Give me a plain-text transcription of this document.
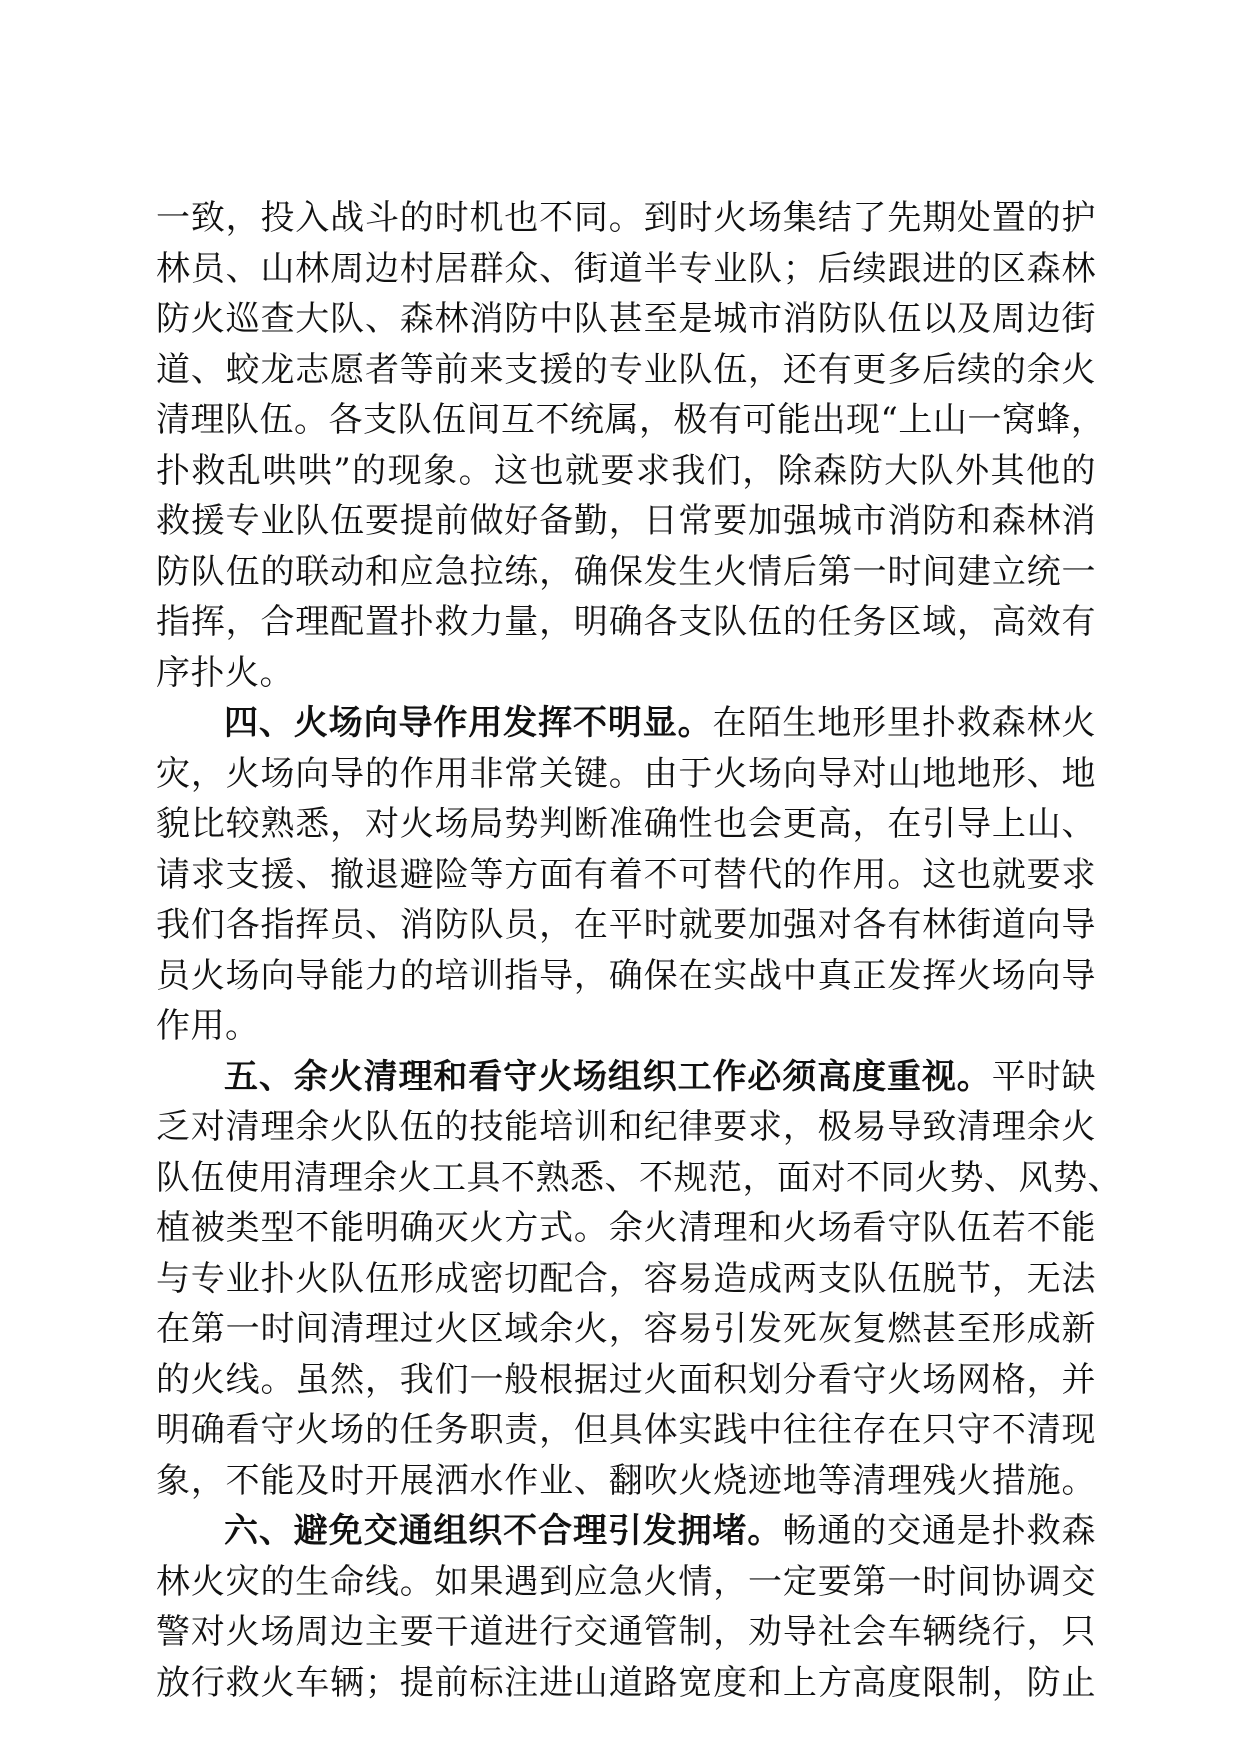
一致，投入战斗的时机也不同。到时火场集结了先期处置的护
林员、山林周边村居群众、街道半专业队；后续跟进的区森林
防火巡查大队、森林消防中队甚至是城市消防队伍以及周边街
道、蛟龙志愿者等前来支援的专业队伍，还有更多后续的余火
清理队伍。各支队伍间互不统属，极有可能出现“上山一窝蜂，
扑救乱哄哄”的现象。这也就要求我们，除森防大队外其他的
救援专业队伍要提前做好备勤，日常要加强城市消防和森林消
防队伍的联动和应急拉练，确保发生火情后第一时间建立统一
指挥，合理配置扑救力量，明确各支队伍的任务区域，高效有
序扑火。
四、火场向导作用发挥不明显。在陌生地形里扑救森林火
灾，火场向导的作用非常关键。由于火场向导对山地地形、地
貌比较熟悉，对火场局势判断准确性也会更高，在引导上山、
请求支援、撤退避险等方面有着不可替代的作用。这也就要求
我们各指挥员、消防队员，在平时就要加强对各有林街道向导
员火场向导能力的培训指导，确保在实战中真正发挥火场向导
作用。
五、余火清理和看守火场组织工作必须高度重视。平时缺
乏对清理余火队伍的技能培训和纪律要求，极易导致清理余火
队伍使用清理余火工具不熟悉、不规范，面对不同火势、风势、
植被类型不能明确灭火方式。余火清理和火场看守队伍若不能
与专业扑火队伍形成密切配合，容易造成两支队伍脱节，无法
在第一时间清理过火区域余火，容易引发死灰复燃甚至形成新
的火线。虽然，我们一般根据过火面积划分看守火场网格，并
明确看守火场的任务职责，但具体实践中往往存在只守不清现
象，不能及时开展洒水作业、翻吹火烧迹地等清理残火措施。
六、避免交通组织不合理引发拥堵。畅通的交通是扑救森
林火灾的生命线。如果遇到应急火情，一定要第一时间协调交
警对火场周边主要干道进行交通管制，劝导社会车辆绕行，只
放行救火车辆；提前标注进山道路宽度和上方高度限制，防止
